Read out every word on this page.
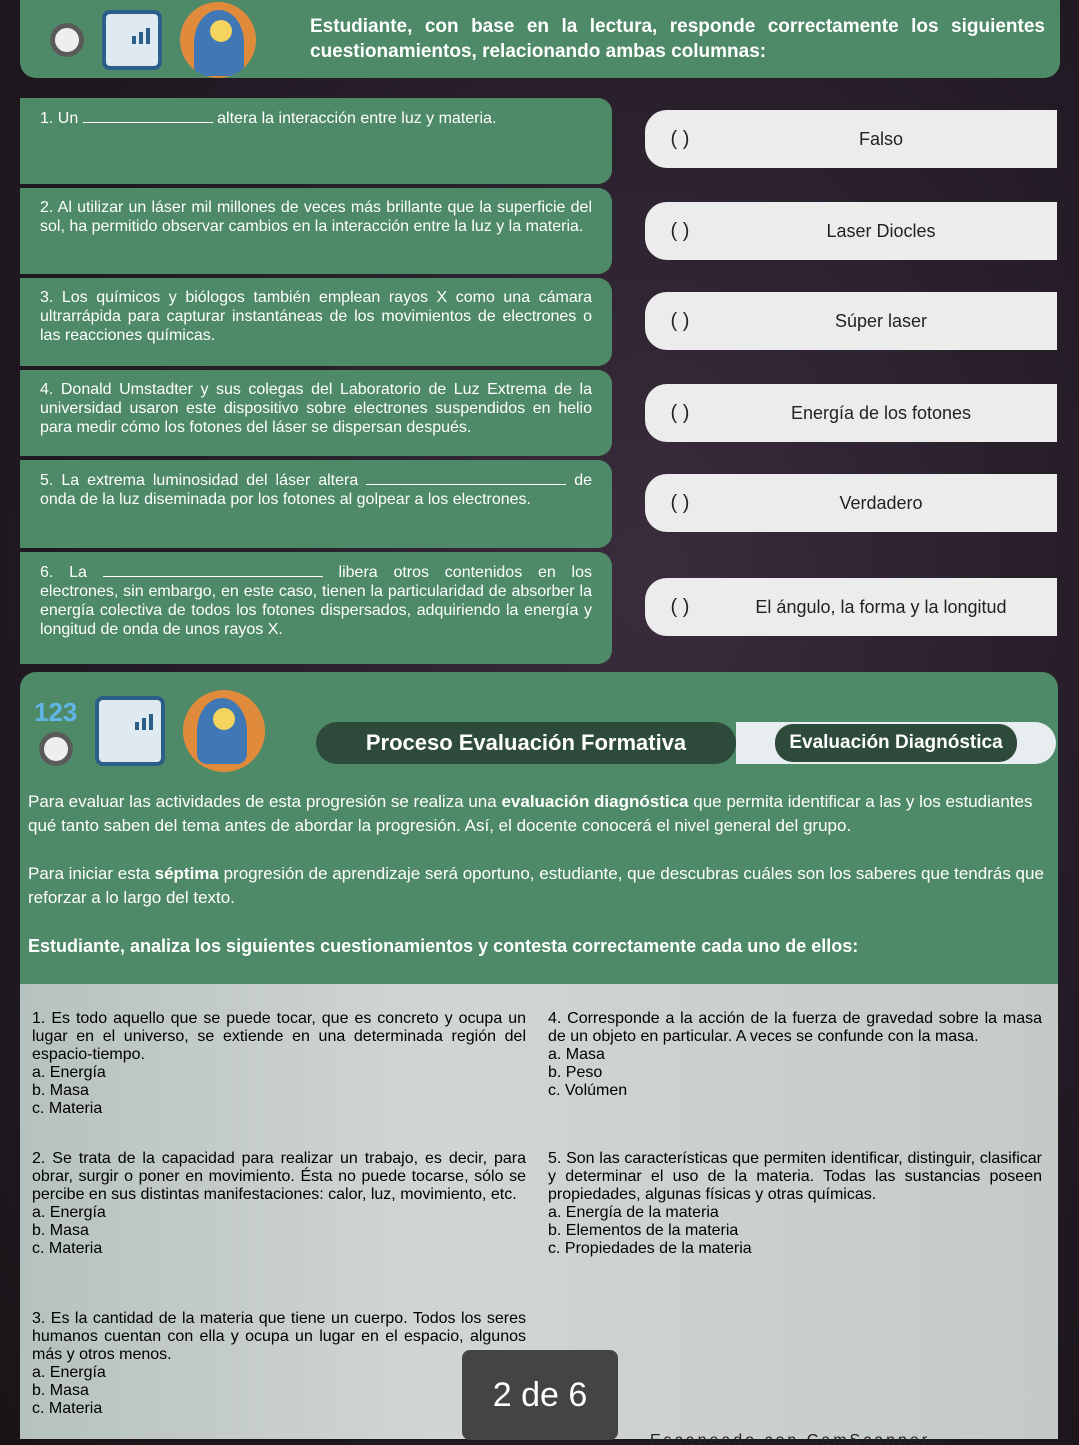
Estudiante, con base en la lectura, responde correctamente los siguientes cuestionamientos, relacionando ambas columnas:
1. Un	altera la interacción entre luz y materia.
2. Al utilizar un láser mil millones de veces más brillante que la superficie del sol, ha permitido observar cambios en la interacción entre la luz y la materia.
3. Los químicos y biólogos también emplean rayos X como una cámara ultrarrápida para capturar instantáneas de los movimientos de electrones o las reacciones químicas.
4. Donald Umstadter y sus colegas del Laboratorio de Luz Extrema de la universidad usaron este dispositivo sobre electrones suspendidos en helio para medir cómo los fotones del láser se dispersan después.
5. La extrema luminosidad del láser altera	de onda de la luz diseminada por los fotones al golpear a los electrones.
6. La	libera otros contenidos en los electrones, sin embargo, en este caso, tienen la particularidad de absorber la energía colectiva de todos los fotones dispersados, adquiriendo la energía y longitud de onda de unos rayos X.
( )	Falso
( )	Laser Diocles
( )	Súper laser
( )	Energía de los fotones
( )	Verdadero
( )	El ángulo, la forma y la longitud
123
Proceso Evaluación Formativa	Evaluación Diagnóstica
Para evaluar las actividades de esta progresión se realiza una evaluación diagnóstica que permita identificar a las y los estudiantes qué tanto saben del tema antes de abordar la progresión. Así, el docente conocerá el nivel general del grupo.
Para iniciar esta séptima progresión de aprendizaje será oportuno, estudiante, que descubras cuáles son los saberes que tendrás que reforzar a lo largo del texto.
Estudiante, analiza los siguientes cuestionamientos y contesta correctamente cada uno de ellos:
1. Es todo aquello que se puede tocar, que es concreto y ocupa un lugar en el universo, se extiende en una determinada región del espacio-tiempo.
a. Energía
b. Masa
c. Materia
2. Se trata de la capacidad para realizar un trabajo, es decir, para obrar, surgir o poner en movimiento. Ésta no puede tocarse, sólo se percibe en sus distintas manifestaciones: calor, luz, movimiento, etc.
a. Energía
b. Masa
c. Materia
3. Es la cantidad de la materia que tiene un cuerpo. Todos los seres humanos cuentan con ella y ocupa un lugar en el espacio, algunos más y otros menos.
a. Energía
b. Masa
c. Materia
4. Corresponde a la acción de la fuerza de gravedad sobre la masa de un objeto en particular. A veces se confunde con la masa.
a. Masa
b. Peso
c. Volúmen
5. Son las características que permiten identificar, distinguir, clasificar y determinar el uso de la materia. Todas las sustancias poseen propiedades, algunas físicas y otras químicas.
a. Energía de la materia
b. Elementos de la materia
c. Propiedades de la materia
2 de 6
Escaneado con CamScanner
